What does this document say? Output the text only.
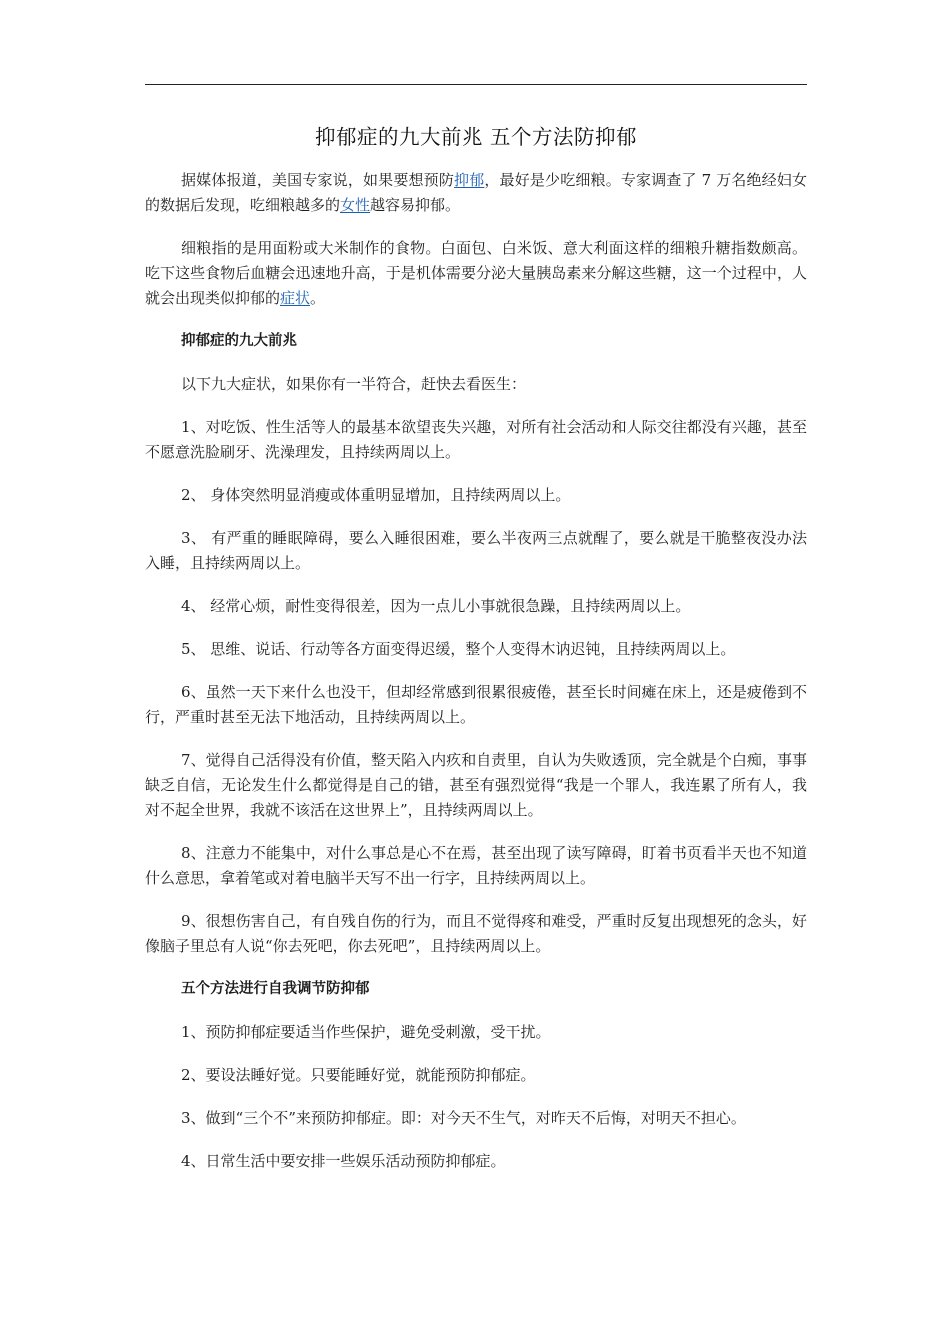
抑郁症的九大前兆 五个方法防抑郁

据媒体报道，美国专家说，如果要想预防抑郁，最好是少吃细粮。专家调查了 7 万名绝经妇女的数据后发现，吃细粮越多的女性越容易抑郁。

细粮指的是用面粉或大米制作的食物。白面包、白米饭、意大利面这样的细粮升糖指数颇高。吃下这些食物后血糖会迅速地升高，于是机体需要分泌大量胰岛素来分解这些糖，这一个过程中，人就会出现类似抑郁的症状。

抑郁症的九大前兆

以下九大症状，如果你有一半符合，赶快去看医生：

1、对吃饭、性生活等人的最基本欲望丧失兴趣，对所有社会活动和人际交往都没有兴趣，甚至不愿意洗脸刷牙、洗澡理发，且持续两周以上。

2、 身体突然明显消瘦或体重明显增加，且持续两周以上。

3、 有严重的睡眠障碍，要么入睡很困难，要么半夜两三点就醒了，要么就是干脆整夜没办法入睡，且持续两周以上。

4、 经常心烦，耐性变得很差，因为一点儿小事就很急躁，且持续两周以上。

5、 思维、说话、行动等各方面变得迟缓，整个人变得木讷迟钝，且持续两周以上。

6、虽然一天下来什么也没干，但却经常感到很累很疲倦，甚至长时间瘫在床上，还是疲倦到不行，严重时甚至无法下地活动，且持续两周以上。

7、觉得自己活得没有价值，整天陷入内疚和自责里，自认为失败透顶，完全就是个白痴，事事缺乏自信，无论发生什么都觉得是自己的错，甚至有强烈觉得“我是一个罪人，我连累了所有人，我对不起全世界，我就不该活在这世界上”，且持续两周以上。

8、注意力不能集中，对什么事总是心不在焉，甚至出现了读写障碍，盯着书页看半天也不知道什么意思，拿着笔或对着电脑半天写不出一行字，且持续两周以上。

9、很想伤害自己，有自残自伤的行为，而且不觉得疼和难受，严重时反复出现想死的念头，好像脑子里总有人说“你去死吧，你去死吧”，且持续两周以上。

五个方法进行自我调节防抑郁

1、预防抑郁症要适当作些保护，避免受刺激，受干扰。

2、要设法睡好觉。只要能睡好觉，就能预防抑郁症。

3、做到“三个不”来预防抑郁症。即：对今天不生气，对昨天不后悔，对明天不担心。

4、日常生活中要安排一些娱乐活动预防抑郁症。
